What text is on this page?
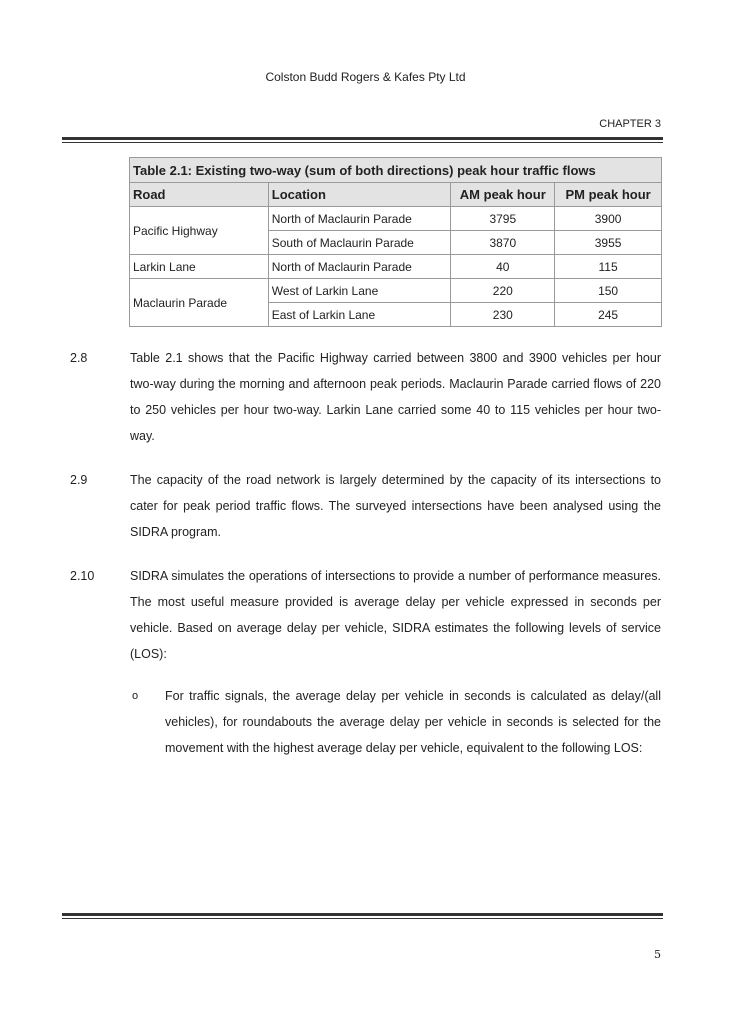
Colston Budd Rogers & Kafes Pty Ltd
CHAPTER 3
Table 2.1: Existing two-way (sum of both directions) peak hour traffic flows			
Road	Location	AM peak hour	PM peak hour
Pacific Highway	North of Maclaurin Parade	3795	3900
	South of Maclaurin Parade	3870	3955
Larkin Lane	North of Maclaurin Parade	40	115
Maclaurin Parade	West of Larkin Lane	220	150
	East of Larkin Lane	230	245
2.8	Table 2.1 shows that the Pacific Highway carried between 3800 and 3900 vehicles per hour two-way during the morning and afternoon peak periods. Maclaurin Parade carried flows of 220 to 250 vehicles per hour two-way. Larkin Lane carried some 40 to 115 vehicles per hour two-way.
2.9	The capacity of the road network is largely determined by the capacity of its intersections to cater for peak period traffic flows. The surveyed intersections have been analysed using the SIDRA program.
2.10	SIDRA simulates the operations of intersections to provide a number of performance measures. The most useful measure provided is average delay per vehicle expressed in seconds per vehicle. Based on average delay per vehicle, SIDRA estimates the following levels of service (LOS):
o For traffic signals, the average delay per vehicle in seconds is calculated as delay/(all vehicles), for roundabouts the average delay per vehicle in seconds is selected for the movement with the highest average delay per vehicle, equivalent to the following LOS:
5
